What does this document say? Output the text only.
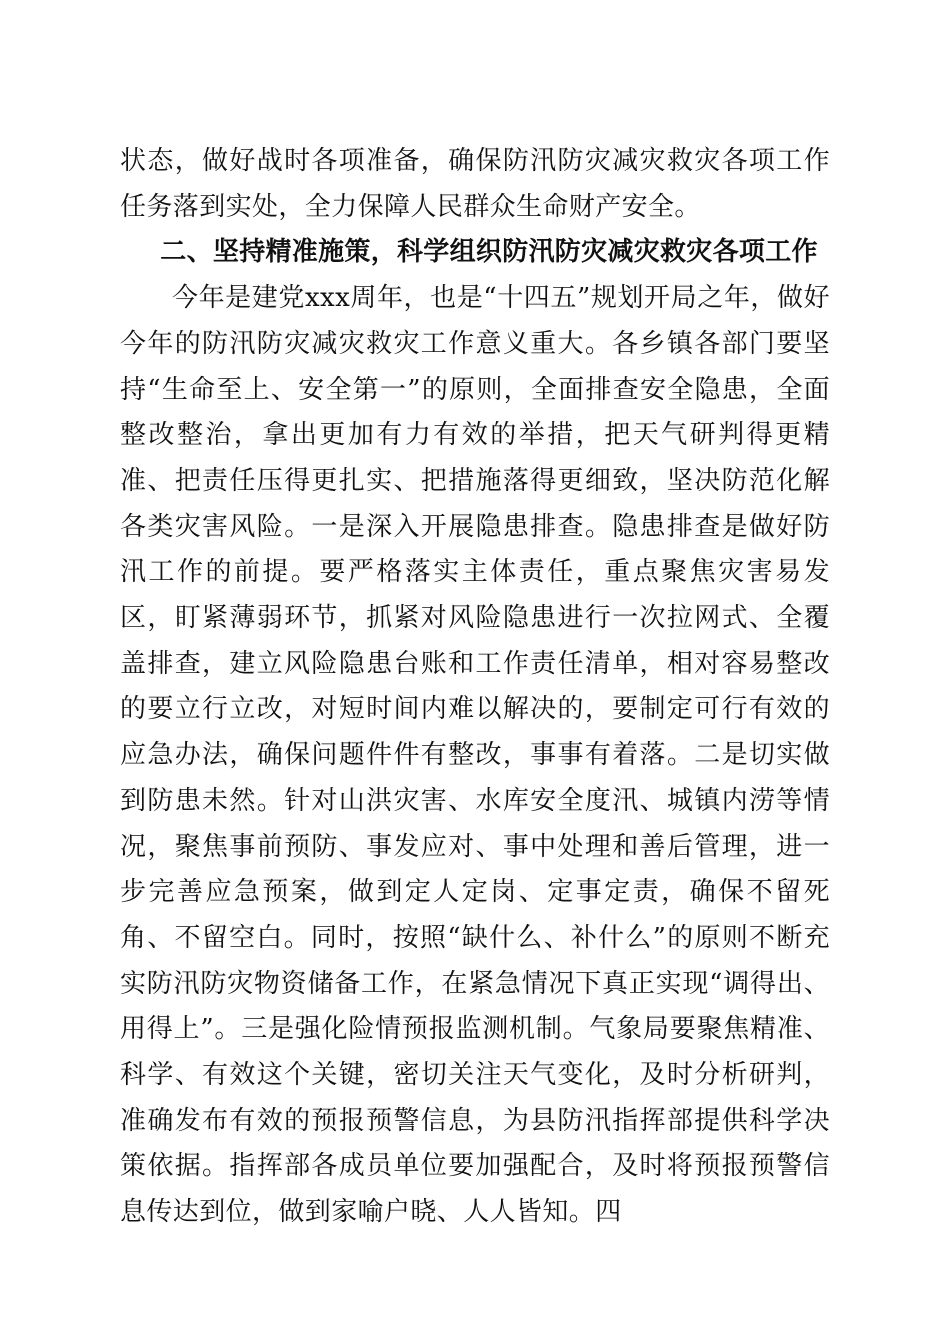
状态，做好战时各项准备，确保防汛防灾减灾救灾各项工作任务落到实处，全力保障人民群众生命财产安全。

二、坚持精准施策，科学组织防汛防灾减灾救灾各项工作

今年是建党xxx周年，也是“十四五”规划开局之年，做好今年的防汛防灾减灾救灾工作意义重大。各乡镇各部门要坚持“生命至上、安全第一”的原则，全面排查安全隐患，全面整改整治，拿出更加有力有效的举措，把天气研判得更精准、把责任压得更扎实、把措施落得更细致，坚决防范化解各类灾害风险。一是深入开展隐患排查。隐患排查是做好防汛工作的前提。要严格落实主体责任，重点聚焦灾害易发区，盯紧薄弱环节，抓紧对风险隐患进行一次拉网式、全覆盖排查，建立风险隐患台账和工作责任清单，相对容易整改的要立行立改，对短时间内难以解决的，要制定可行有效的应急办法，确保问题件件有整改，事事有着落。二是切实做到防患未然。针对山洪灾害、水库安全度汛、城镇内涝等情况，聚焦事前预防、事发应对、事中处理和善后管理，进一步完善应急预案，做到定人定岗、定事定责，确保不留死角、不留空白。同时，按照“缺什么、补什么”的原则不断充实防汛防灾物资储备工作，在紧急情况下真正实现“调得出、用得上”。三是强化险情预报监测机制。气象局要聚焦精准、科学、有效这个关键，密切关注天气变化，及时分析研判，准确发布有效的预报预警信息，为县防汛指挥部提供科学决策依据。指挥部各成员单位要加强配合，及时将预报预警信息传达到位，做到家喻户晓、人人皆知。四
